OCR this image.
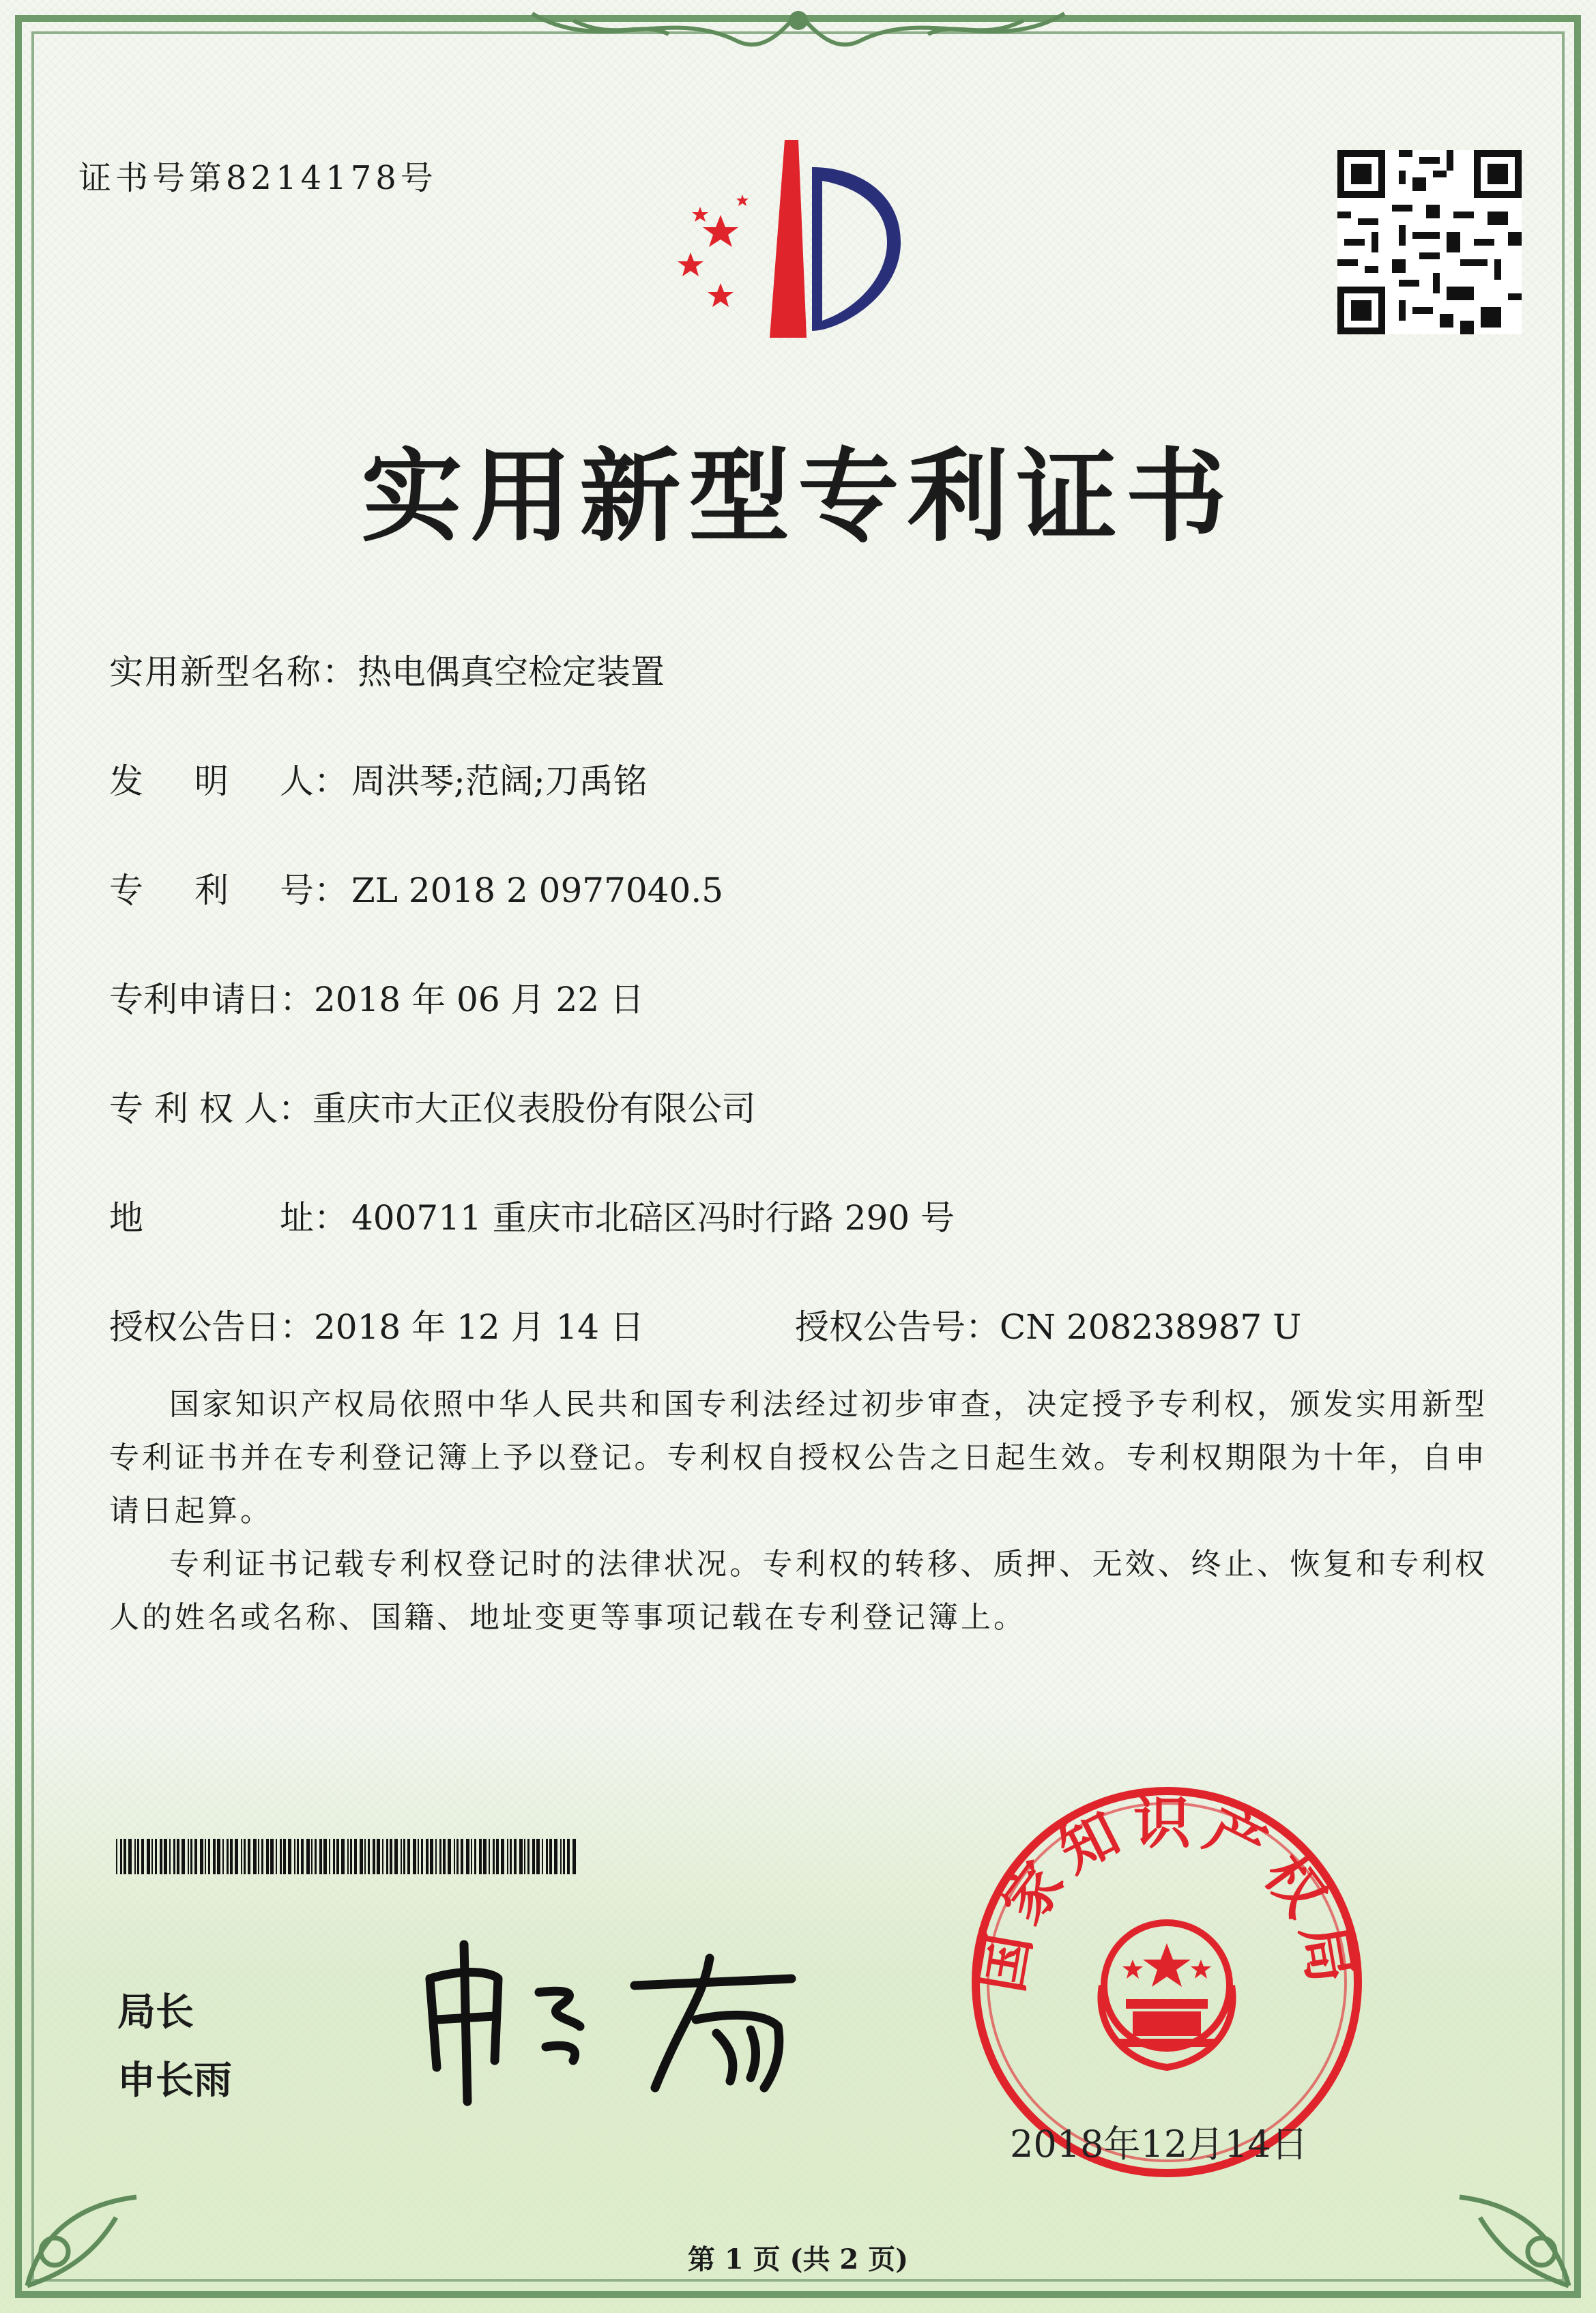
证书号第8214178号
实用新型专利证书
实用新型名称：热电偶真空检定装置
发 明 人： 周洪琴;范阔;刀禹铭
专 利 号： ZL 2018 2 0977040.5
专利申请日：2018 年 06 月 22 日
专 利 权 人：重庆市大正仪表股份有限公司
地	址： 400711 重庆市北碚区冯时行路 290 号
授权公告日：2018 年 12 月 14 日	授权公告号：CN 208238987 U

国家知识产权局依照中华人民共和国专利法经过初步审查，决定授予专利权，颁发实用新型专利证书并在专利登记簿上予以登记。专利权自授权公告之日起生效。专利权期限为十年，自申请日起算。

专利证书记载专利权登记时的法律状况。专利权的转移、质押、无效、终止、恢复和专利权人的姓名或名称、国籍、地址变更等事项记载在专利登记簿上。

局长
申长雨
国家知识产权局
2018年12月14日
第 1 页 (共 2 页)
